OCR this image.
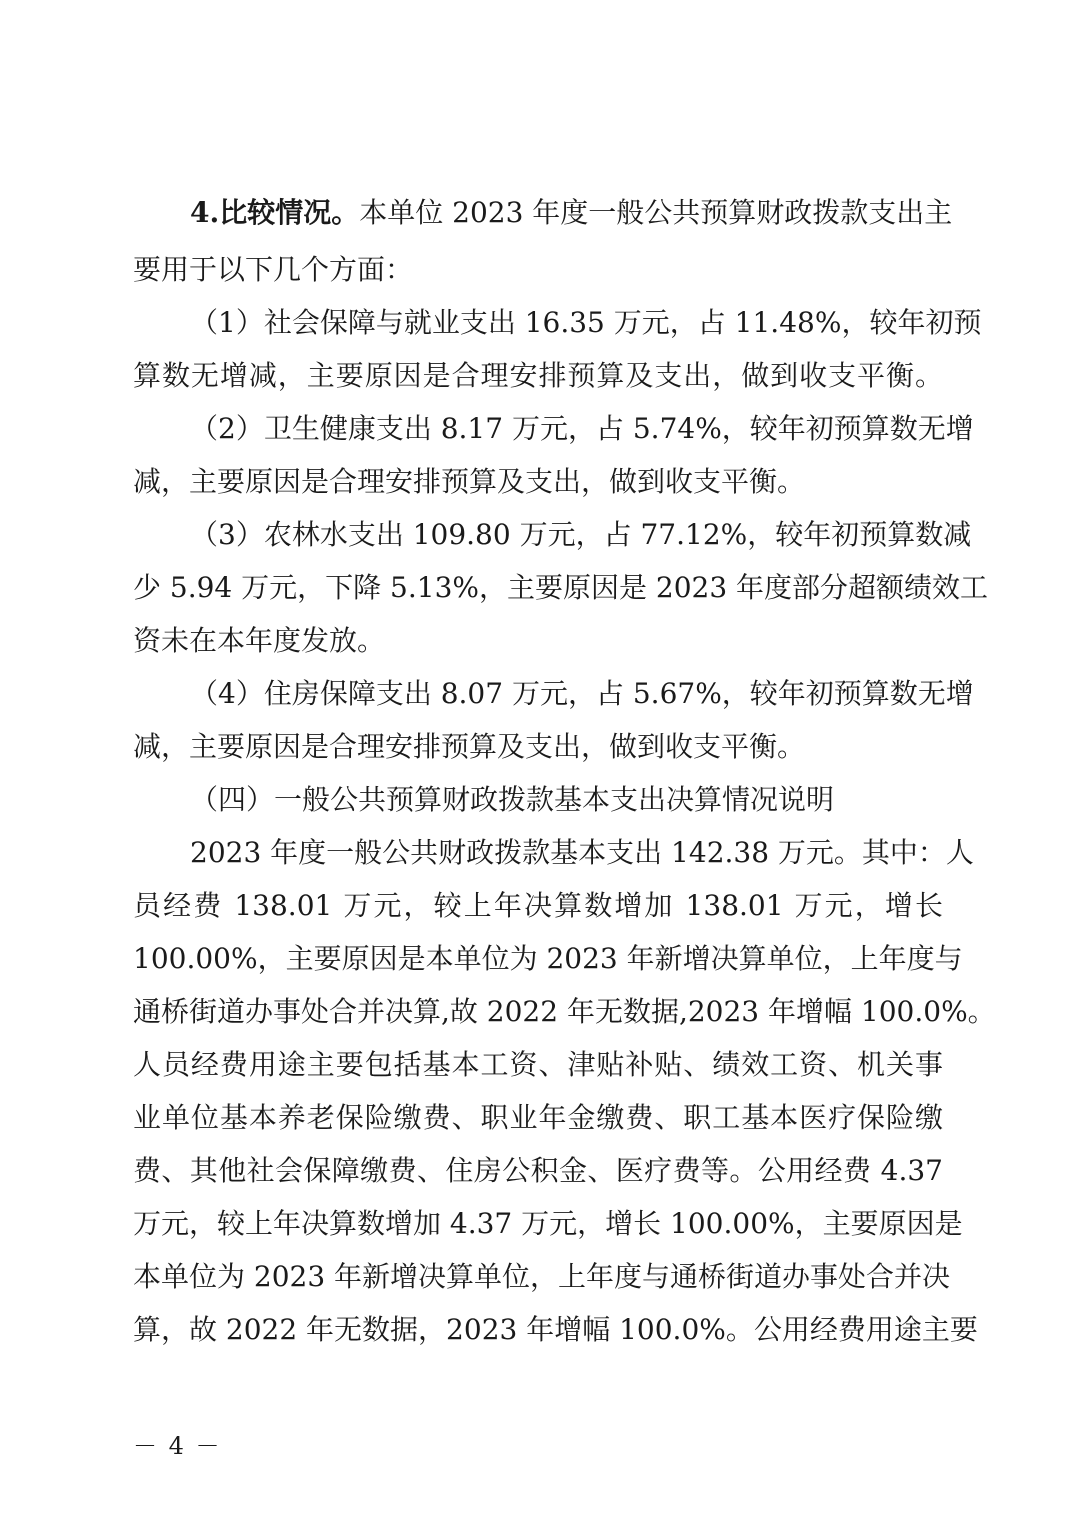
4.比较情况。本单位 2023 年度一般公共预算财政拨款支出主
要用于以下几个方面：
（1）社会保障与就业支出 16.35 万元，占 11.48%，较年初预
算数无增减，主要原因是合理安排预算及支出，做到收支平衡。
（2）卫生健康支出 8.17 万元，占 5.74%，较年初预算数无增
减，主要原因是合理安排预算及支出，做到收支平衡。
（3）农林水支出 109.80 万元，占 77.12%，较年初预算数减
少 5.94 万元，下降 5.13%，主要原因是 2023 年度部分超额绩效工
资未在本年度发放。
（4）住房保障支出 8.07 万元，占 5.67%，较年初预算数无增
减，主要原因是合理安排预算及支出，做到收支平衡。
（四）一般公共预算财政拨款基本支出决算情况说明
2023 年度一般公共财政拨款基本支出 142.38 万元。其中：人
员经费 138.01 万元，较上年决算数增加 138.01 万元，增长
100.00%，主要原因是本单位为 2023 年新增决算单位，上年度与
通桥街道办事处合并决算,故 2022 年无数据,2023 年增幅 100.0%。
人员经费用途主要包括基本工资、津贴补贴、绩效工资、机关事
业单位基本养老保险缴费、职业年金缴费、职工基本医疗保险缴
费、其他社会保障缴费、住房公积金、医疗费等。公用经费 4.37
万元，较上年决算数增加 4.37 万元，增长 100.00%，主要原因是
本单位为 2023 年新增决算单位，上年度与通桥街道办事处合并决
算，故 2022 年无数据，2023 年增幅 100.0%。公用经费用途主要
－ 4 －
